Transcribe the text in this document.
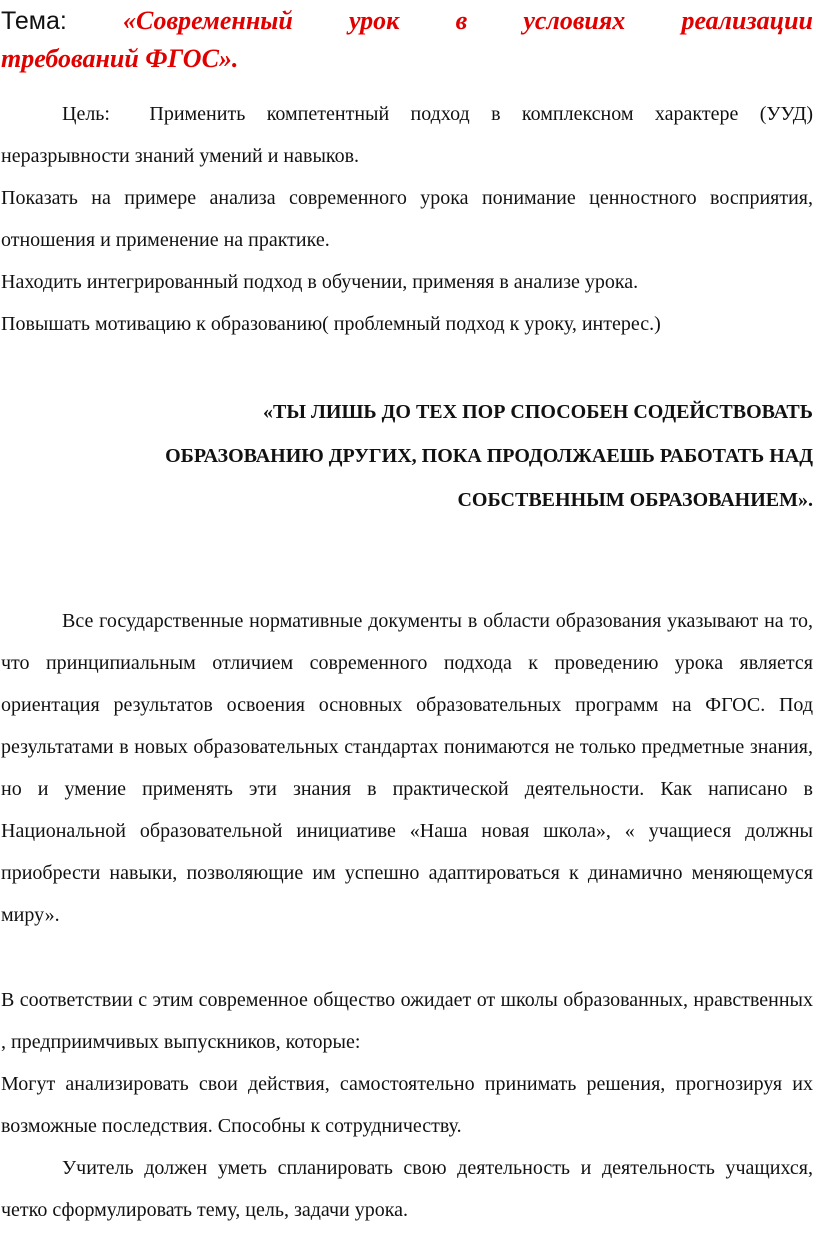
Тема: «Современный урок в условиях реализации
требований ФГОС».

Цель: Применить компетентный подход в комплексном характере (УУД) неразрывности знаний умений и навыков.

Показать на примере анализа современного урока понимание ценностного восприятия, отношения и применение на практике.

Находить интегрированный подход в обучении, применяя в анализе урока.

Повышать мотивацию к образованию( проблемный подход к уроку, интерес.)

«ТЫ ЛИШЬ ДО ТЕХ ПОР СПОСОБЕН СОДЕЙСТВОВАТЬ
ОБРАЗОВАНИЮ ДРУГИХ, ПОКА ПРОДОЛЖАЕШЬ РАБОТАТЬ НАД
СОБСТВЕННЫМ ОБРАЗОВАНИЕМ».

Все государственные нормативные документы в области образования указывают на то, что принципиальным отличием современного подхода к проведению урока является ориентация результатов освоения основных образовательных программ на ФГОС. Под результатами в новых образовательных стандартах понимаются не только предметные знания, но и умение применять эти знания в практической деятельности. Как написано в Национальной образовательной инициативе «Наша новая школа», « учащиеся должны приобрести навыки, позволяющие им успешно адаптироваться к динамично меняющемуся миру».

В соответствии с этим современное общество ожидает от школы образованных, нравственных , предприимчивых выпускников, которые:

Могут анализировать свои действия, самостоятельно принимать решения, прогнозируя их возможные последствия. Способны к сотрудничеству.

Учитель должен уметь спланировать свою деятельность и деятельность учащихся, четко сформулировать тему, цель, задачи урока.
